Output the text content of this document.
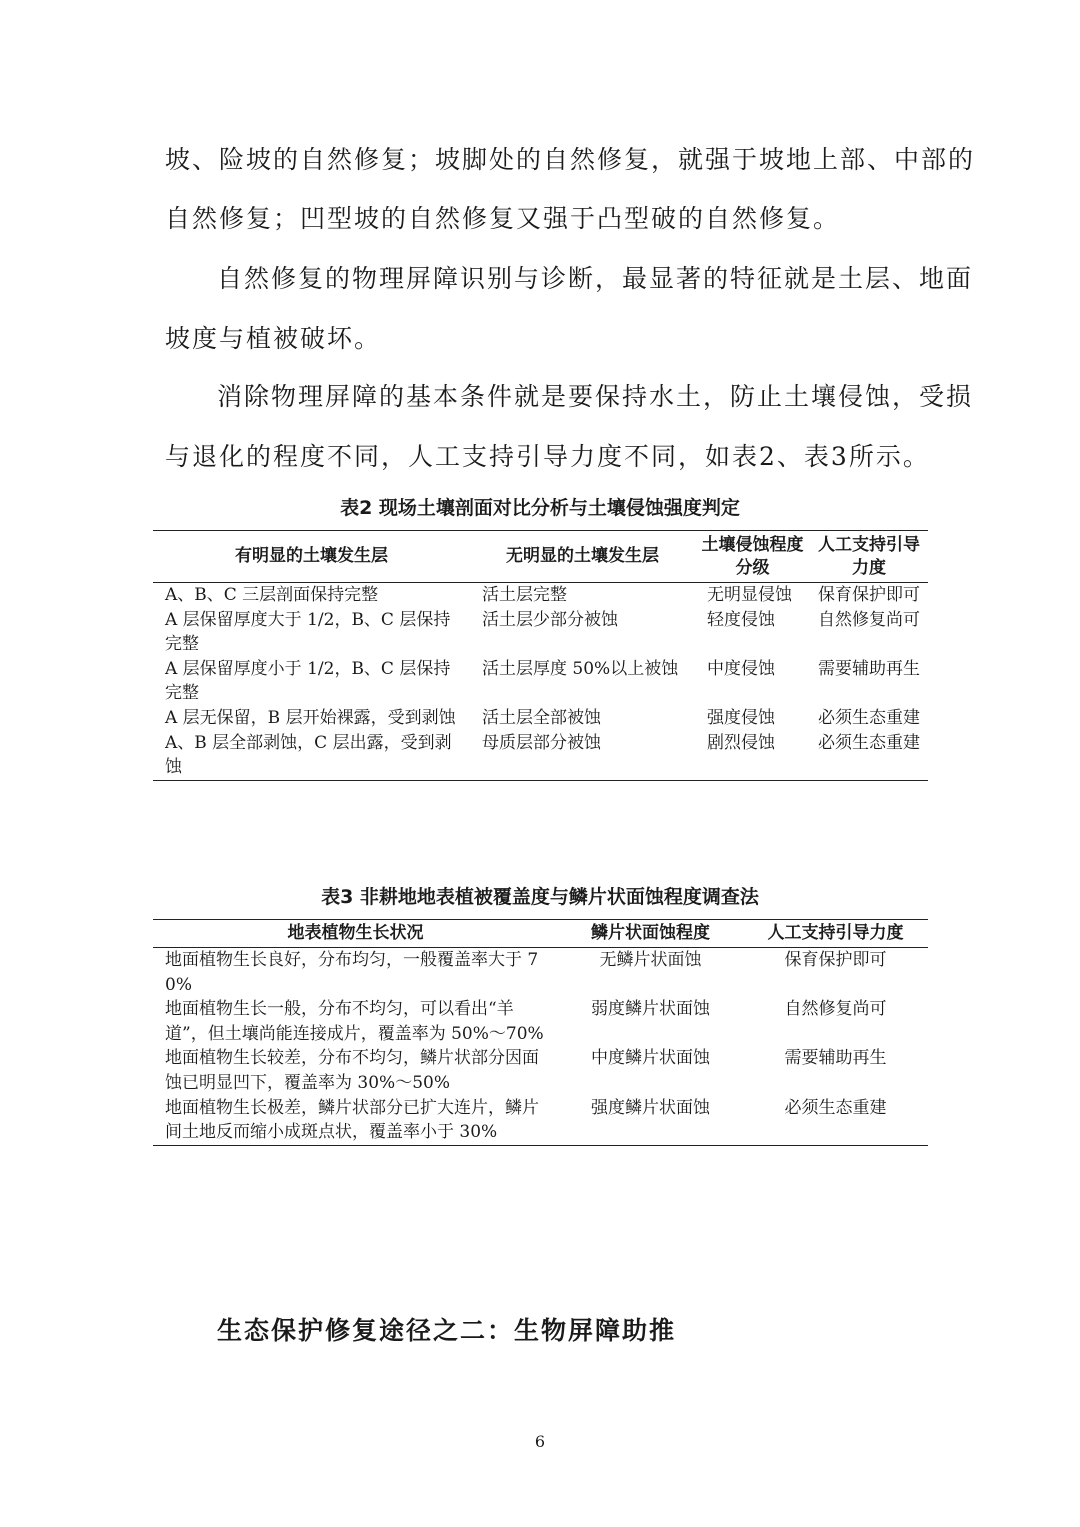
坡、险坡的自然修复；坡脚处的自然修复，就强于坡地上部、中部的
自然修复；凹型坡的自然修复又强于凸型破的自然修复。
自然修复的物理屏障识别与诊断，最显著的特征就是土层、地面
坡度与植被破坏。
消除物理屏障的基本条件就是要保持水土，防止土壤侵蚀，受损
与退化的程度不同，人工支持引导力度不同，如表2、表3所示。
表2 现场土壤剖面对比分析与土壤侵蚀强度判定
有明显的土壤发生层	无明显的土壤发生层	土壤侵蚀程度分级	人工支持引导力度
A、B、C 三层剖面保持完整	活土层完整	无明显侵蚀	保育保护即可
A 层保留厚度大于 1/2，B、C 层保持完整	活土层少部分被蚀	轻度侵蚀	自然修复尚可
A 层保留厚度小于 1/2，B、C 层保持完整	活土层厚度 50%以上被蚀	中度侵蚀	需要辅助再生
A 层无保留，B 层开始裸露，受到剥蚀	活土层全部被蚀	强度侵蚀	必须生态重建
A、B 层全部剥蚀，C 层出露，受到剥蚀	母质层部分被蚀	剧烈侵蚀	必须生态重建
表3 非耕地地表植被覆盖度与鳞片状面蚀程度调查法
地表植物生长状况	鳞片状面蚀程度	人工支持引导力度
地面植物生长良好，分布均匀，一般覆盖率大于 70%	无鳞片状面蚀	保育保护即可
地面植物生长一般，分布不均匀，可以看出“羊道”，但土壤尚能连接成片，覆盖率为 50%～70%	弱度鳞片状面蚀	自然修复尚可
地面植物生长较差，分布不均匀，鳞片状部分因面蚀已明显凹下，覆盖率为 30%～50%	中度鳞片状面蚀	需要辅助再生
地面植物生长极差，鳞片状部分已扩大连片，鳞片间土地反而缩小成斑点状，覆盖率小于 30%	强度鳞片状面蚀	必须生态重建
生态保护修复途径之二：生物屏障助推
6
